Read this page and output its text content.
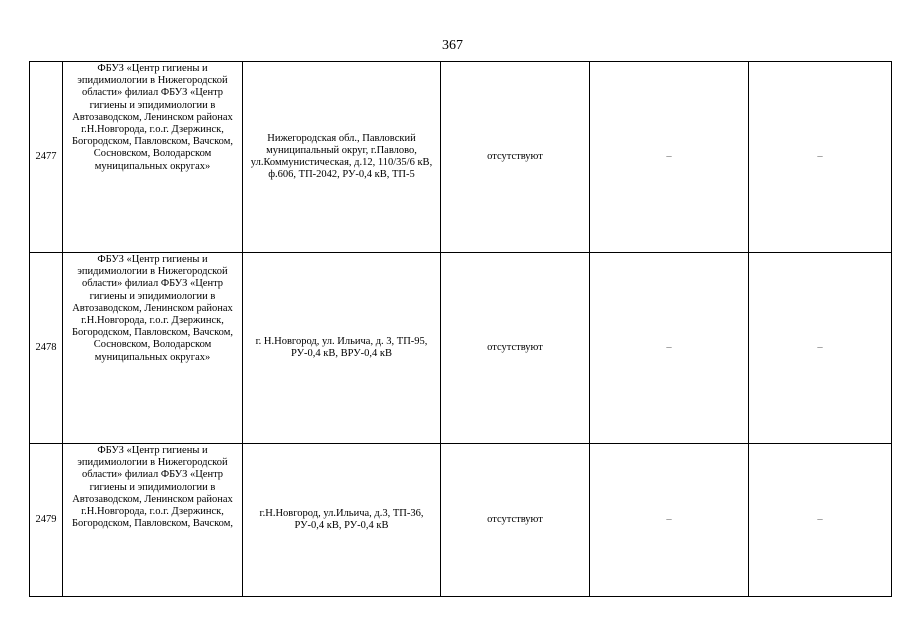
367
2477	ФБУЗ «Центр гигиены и эпидимиологии в Нижегородской области» филиал ФБУЗ «Центр гигиены и эпидимиологии в Автозаводском, Ленинском районах г.Н.Новгорода, г.о.г. Дзержинск, Богородском, Павловском, Вачском, Сосновском, Володарском муниципальных округах»	Нижегородская обл., Павловский муниципальный округ, г.Павлово, ул.Коммунистическая, д.12, 110/35/6 кВ, ф.606, ТП-2042, РУ-0,4 кВ, ТП-5	отсутствуют	–	–
2478	ФБУЗ «Центр гигиены и эпидимиологии в Нижегородской области» филиал ФБУЗ «Центр гигиены и эпидимиологии в Автозаводском, Ленинском районах г.Н.Новгорода, г.о.г. Дзержинск, Богородском, Павловском, Вачском, Сосновском, Володарском муниципальных округах»	г. Н.Новгород, ул. Ильича, д. 3, ТП-95, РУ-0,4 кВ, ВРУ-0,4 кВ	отсутствуют	–	–
2479	ФБУЗ «Центр гигиены и эпидимиологии в Нижегородской области» филиал ФБУЗ «Центр гигиены и эпидимиологии в Автозаводском, Ленинском районах г.Н.Новгорода, г.о.г. Дзержинск, Богородском, Павловском, Вачском,	г.Н.Новгород, ул.Ильича, д.3, ТП-36, РУ-0,4 кВ, РУ-0,4 кВ	отсутствуют	–	–
